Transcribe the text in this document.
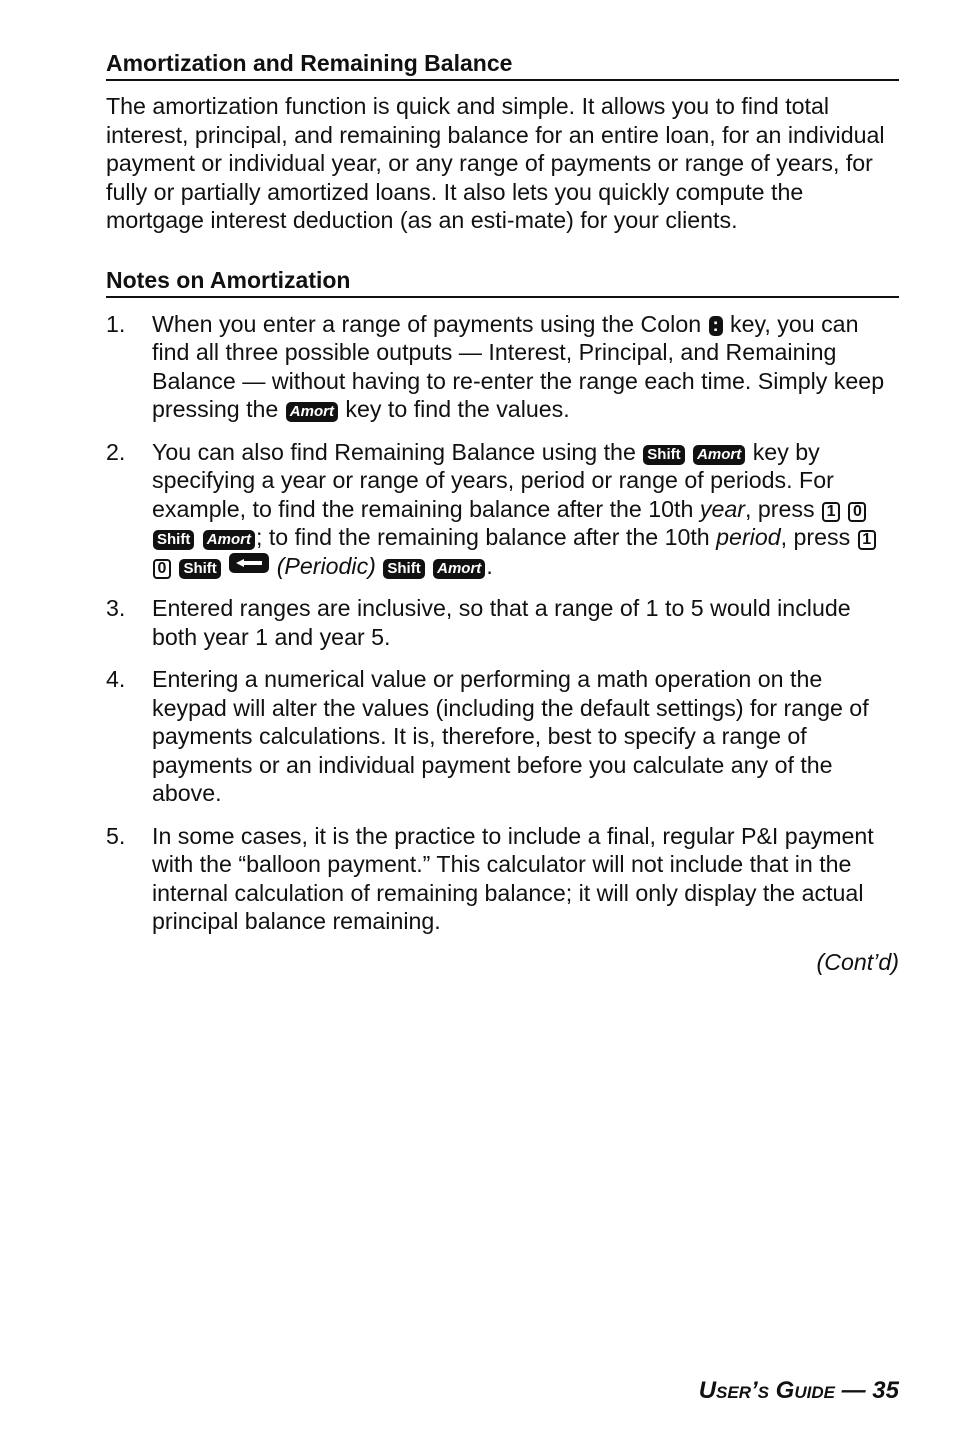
Amortization and Remaining Balance

The amortization function is quick and simple. It allows you to find total interest, principal, and remaining balance for an entire loan, for an individual payment or individual year, or any range of payments or range of years, for fully or partially amortized loans. It also lets you quickly compute the mortgage interest deduction (as an esti-mate) for your clients.

Notes on Amortization
1. When you enter a range of payments using the Colon : key, you can find all three possible outputs — Interest, Principal, and Remaining Balance — without having to re-enter the range each time. Simply keep pressing the Amort key to find the values.
2. You can also find Remaining Balance using the Shift Amort key by specifying a year or range of years, period or range of periods. For example, to find the remaining balance after the 10th year, press 1 0 Shift Amort ; to find the remaining balance after the 10th period, press 1 0 Shift	(Periodic) Shift Amort .
3. Entered ranges are inclusive, so that a range of 1 to 5 would include both year 1 and year 5.
4. Entering a numerical value or performing a math operation on the keypad will alter the values (including the default settings) for range of payments calculations. It is, therefore, best to specify a range of payments or an individual payment before you calculate any of the above.
5. In some cases, it is the practice to include a final, regular P&I payment with the “balloon payment.” This calculator will not include that in the internal calculation of remaining balance; it will only display the actual principal balance remaining.

(Cont’d)

User’s Guide — 35
